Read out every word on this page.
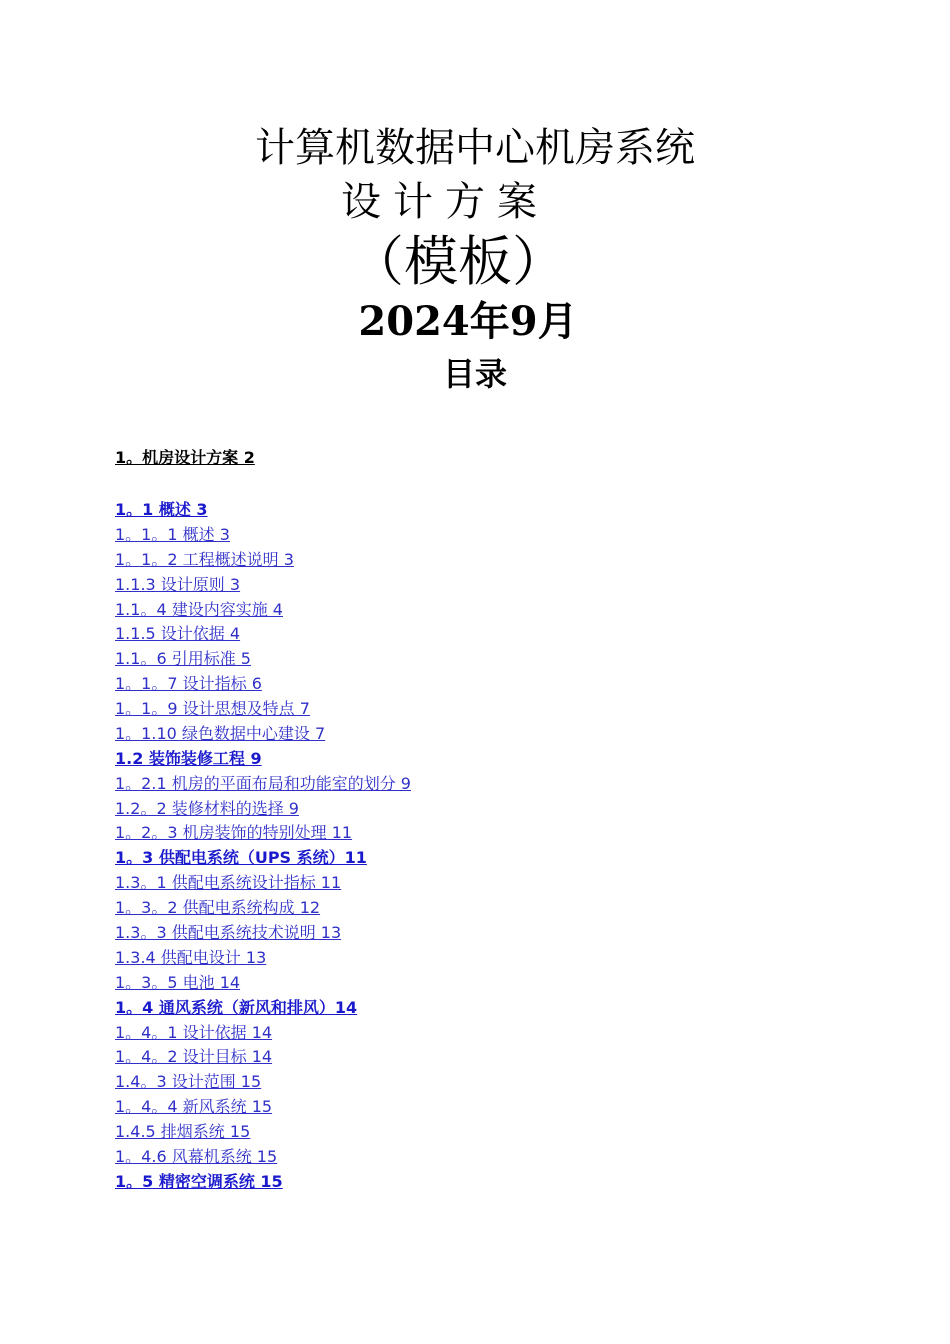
计算机数据中心机房系统
设计方案
（模板）
2024年9月
目录
1。机房设计方案 2
1。1 概述 3
1。1。1 概述 3
1。1。2 工程概述说明 3
1.1.3 设计原则 3
1.1。4 建设内容实施 4
1.1.5 设计依据 4
1.1。6 引用标准 5
1。1。7 设计指标 6
1。1。9 设计思想及特点 7
1。1.10 绿色数据中心建设 7
1.2 装饰装修工程 9
1。2.1 机房的平面布局和功能室的划分 9
1.2。2 装修材料的选择 9
1。2。3 机房装饰的特别处理 11
1。3 供配电系统（UPS 系统）11
1.3。1 供配电系统设计指标 11
1。3。2 供配电系统构成 12
1.3。3 供配电系统技术说明 13
1.3.4 供配电设计 13
1。3。5 电池 14
1。4 通风系统（新风和排风）14
1。4。1 设计依据 14
1。4。2 设计目标 14
1.4。3 设计范围 15
1。4。4 新风系统 15
1.4.5 排烟系统 15
1。4.6 风幕机系统 15
1。5 精密空调系统 15
